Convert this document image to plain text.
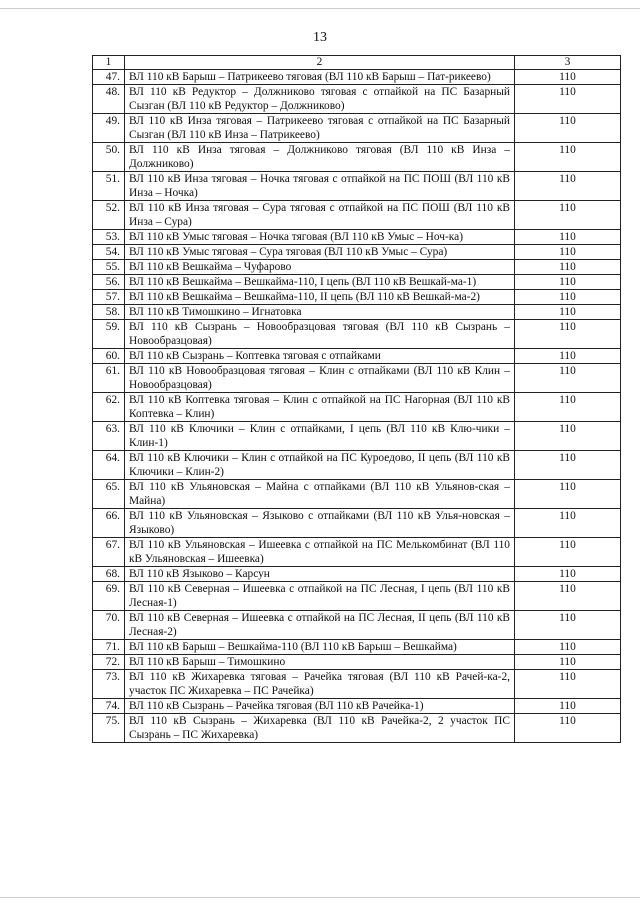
13
1	2	3
47.	ВЛ 110 кВ Барыш – Патрикеево тяговая (ВЛ 110 кВ Барыш – Пат-рикеево)	110
48.	ВЛ 110 кВ Редуктор – Должниково тяговая с отпайкой на ПС Базарный Сызган (ВЛ 110 кВ Редуктор – Должниково)	110
49.	ВЛ 110 кВ Инза тяговая – Патрикеево тяговая с отпайкой на ПС Базарный Сызган (ВЛ 110 кВ Инза – Патрикеево)	110
50.	ВЛ 110 кВ Инза тяговая – Должниково тяговая (ВЛ 110 кВ Инза – Должниково)	110
51.	ВЛ 110 кВ Инза тяговая – Ночка тяговая с отпайкой на ПС ПОШ (ВЛ 110 кВ Инза – Ночка)	110
52.	ВЛ 110 кВ Инза тяговая – Сура тяговая с отпайкой на ПС ПОШ (ВЛ 110 кВ Инза – Сура)	110
53.	ВЛ 110 кВ Умыс тяговая – Ночка тяговая (ВЛ 110 кВ Умыс – Ноч-ка)	110
54.	ВЛ 110 кВ Умыс тяговая – Сура тяговая (ВЛ 110 кВ Умыс – Сура)	110
55.	ВЛ 110 кВ Вешкайма – Чуфарово	110
56.	ВЛ 110 кВ Вешкайма – Вешкайма-110, I цепь (ВЛ 110 кВ Вешкай-ма-1)	110
57.	ВЛ 110 кВ Вешкайма – Вешкайма-110, II цепь (ВЛ 110 кВ Вешкай-ма-2)	110
58.	ВЛ 110 кВ Тимошкино – Игнатовка	110
59.	ВЛ 110 кВ Сызрань – Новообразцовая тяговая (ВЛ 110 кВ Сызрань – Новообразцовая)	110
60.	ВЛ 110 кВ Сызрань – Коптевка тяговая с отпайками	110
61.	ВЛ 110 кВ Новообразцовая тяговая – Клин с отпайками (ВЛ 110 кВ Клин – Новообразцовая)	110
62.	ВЛ 110 кВ Коптевка тяговая – Клин с отпайкой на ПС Нагорная (ВЛ 110 кВ Коптевка – Клин)	110
63.	ВЛ 110 кВ Ключики – Клин с отпайками, I цепь (ВЛ 110 кВ Клю-чики – Клин-1)	110
64.	ВЛ 110 кВ Ключики – Клин с отпайкой на ПС Куроедово, II цепь (ВЛ 110 кВ Ключики – Клин-2)	110
65.	ВЛ 110 кВ Ульяновская – Майна с отпайками (ВЛ 110 кВ Ульянов-ская – Майна)	110
66.	ВЛ 110 кВ Ульяновская – Языково с отпайками (ВЛ 110 кВ Улья-новская – Языково)	110
67.	ВЛ 110 кВ Ульяновская – Ишеевка с отпайкой на ПС Мелькомбинат (ВЛ 110 кВ Ульяновская – Ишеевка)	110
68.	ВЛ 110 кВ Языково – Карсун	110
69.	ВЛ 110 кВ Северная – Ишеевка с отпайкой на ПС Лесная, I цепь (ВЛ 110 кВ Лесная-1)	110
70.	ВЛ 110 кВ Северная – Ишеевка с отпайкой на ПС Лесная, II цепь (ВЛ 110 кВ Лесная-2)	110
71.	ВЛ 110 кВ Барыш – Вешкайма-110 (ВЛ 110 кВ Барыш – Вешкайма)	110
72.	ВЛ 110 кВ Барыш – Тимошкино	110
73.	ВЛ 110 кВ Жихаревка тяговая – Рачейка тяговая (ВЛ 110 кВ Рачей-ка-2, участок ПС Жихаревка – ПС Рачейка)	110
74.	ВЛ 110 кВ Сызрань – Рачейка тяговая (ВЛ 110 кВ Рачейка-1)	110
75.	ВЛ 110 кВ Сызрань – Жихаревка (ВЛ 110 кВ Рачейка-2, 2 участок ПС Сызрань – ПС Жихаревка)	110
